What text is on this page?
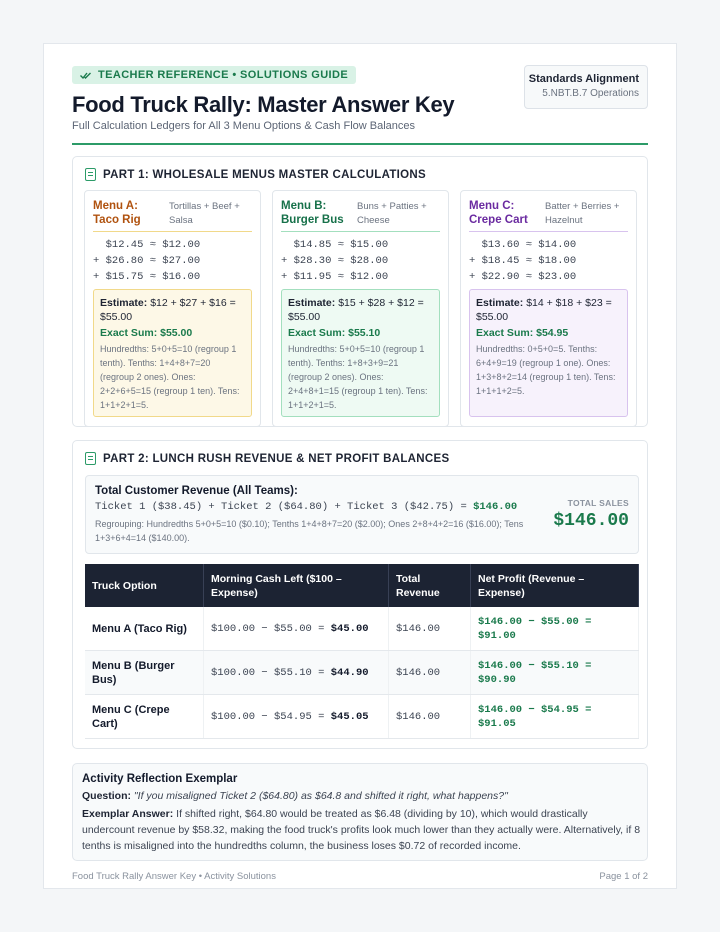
TEACHER REFERENCE • SOLUTIONS GUIDE
Food Truck Rally: Master Answer Key
Full Calculation Ledgers for All 3 Menu Options & Cash Flow Balances
Standards Alignment
5.NBT.B.7 Operations
PART 1: WHOLESALE MENUS MASTER CALCULATIONS
Menu A: Taco Rig
Tortillas + Beef + Salsa
$12.45 ≈ $12.00
+ $26.80 ≈ $27.00
+ $15.75 ≈ $16.00
Estimate: $12 + $27 + $16 = $55.00
Exact Sum: $55.00
Hundredths: 5+0+5=10 (regroup 1 tenth). Tenths: 1+4+8+7=20 (regroup 2 ones). Ones: 2+2+6+5=15 (regroup 1 ten). Tens: 1+1+2+1=5.
Menu B: Burger Bus
Buns + Patties + Cheese
$14.85 ≈ $15.00
+ $28.30 ≈ $28.00
+ $11.95 ≈ $12.00
Estimate: $15 + $28 + $12 = $55.00
Exact Sum: $55.10
Hundredths: 5+0+5=10 (regroup 1 tenth). Tenths: 1+8+3+9=21 (regroup 2 ones). Ones: 2+4+8+1=15 (regroup 1 ten). Tens: 1+1+2+1=5.
Menu C: Crepe Cart
Batter + Berries + Hazelnut
$13.60 ≈ $14.00
+ $18.45 ≈ $18.00
+ $22.90 ≈ $23.00
Estimate: $14 + $18 + $23 = $55.00
Exact Sum: $54.95
Hundredths: 0+5+0=5. Tenths: 6+4+9=19 (regroup 1 one). Ones: 1+3+8+2=14 (regroup 1 ten). Tens: 1+1+1+2=5.
PART 2: LUNCH RUSH REVENUE & NET PROFIT BALANCES
Total Customer Revenue (All Teams):
Ticket 1 ($38.45) + Ticket 2 ($64.80) + Ticket 3 ($42.75) = $146.00
Regrouping: Hundredths 5+0+5=10 ($0.10); Tenths 1+4+8+7=20 ($2.00); Ones 2+8+4+2=16 ($16.00); Tens 1+3+6+4=14 ($140.00).
TOTAL SALES
$146.00
Truck Option	Morning Cash Left ($100 – Expense)	Total Revenue	Net Profit (Revenue – Expense)
Menu A (Taco Rig)	$100.00 − $55.00 = $45.00	$146.00	$146.00 − $55.00 = $91.00
Menu B (Burger Bus)	$100.00 − $55.10 = $44.90	$146.00	$146.00 − $55.10 = $90.90
Menu C (Crepe Cart)	$100.00 − $54.95 = $45.05	$146.00	$146.00 − $54.95 = $91.05
Activity Reflection Exemplar
Question: "If you misaligned Ticket 2 ($64.80) as $64.8 and shifted it right, what happens?"
Exemplar Answer: If shifted right, $64.80 would be treated as $6.48 (dividing by 10), which would drastically undercount revenue by $58.32, making the food truck's profits look much lower than they actually were. Alternatively, if 8 tenths is misaligned into the hundredths column, the business loses $0.72 of recorded income.
Food Truck Rally Answer Key • Activity Solutions	Page 1 of 2
